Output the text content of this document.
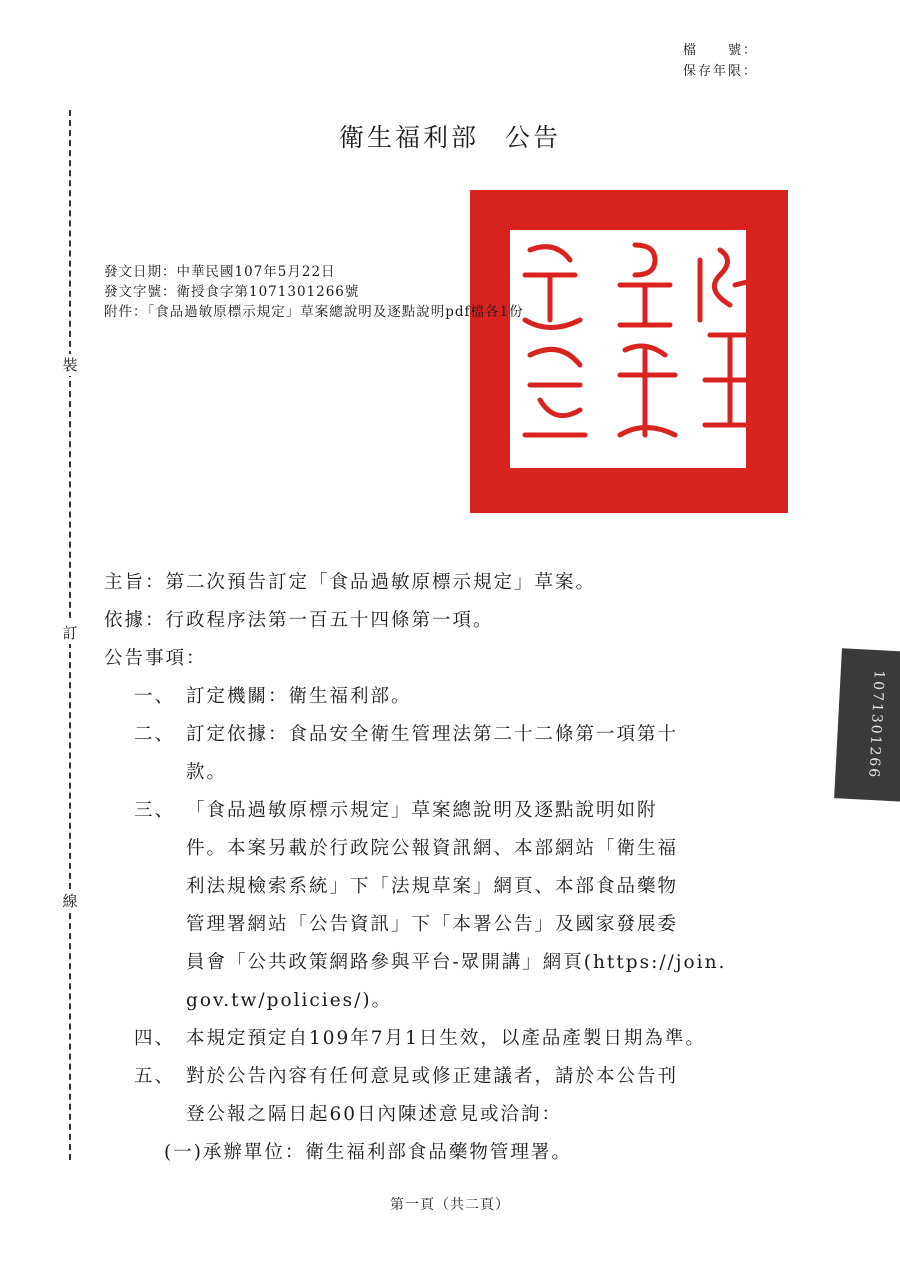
檔　　號：
保存年限：
裝
訂
線
衛生福利部 公告
發文日期：中華民國107年5月22日
發文字號：衛授食字第1071301266號
附件：「食品過敏原標示規定」草案總說明及逐點說明pdf檔各1份
主旨：第二次預告訂定「食品過敏原標示規定」草案。
依據：行政程序法第一百五十四條第一項。
公告事項：
一、 訂定機關：衛生福利部。
二、 訂定依據：食品安全衛生管理法第二十二條第一項第十
款。
三、 「食品過敏原標示規定」草案總說明及逐點說明如附
件。本案另載於行政院公報資訊網、本部網站「衛生福
利法規檢索系統」下「法規草案」網頁、本部食品藥物
管理署網站「公告資訊」下「本署公告」及國家發展委
員會「公共政策網路參與平台-眾開講」網頁(https://join.
gov.tw/policies/)。
四、 本規定預定自109年7月1日生效，以產品產製日期為準。
五、 對於公告內容有任何意見或修正建議者，請於本公告刊
登公報之隔日起60日內陳述意見或洽詢：
(一)承辦單位：衛生福利部食品藥物管理署。
1071301266
第一頁（共二頁）
